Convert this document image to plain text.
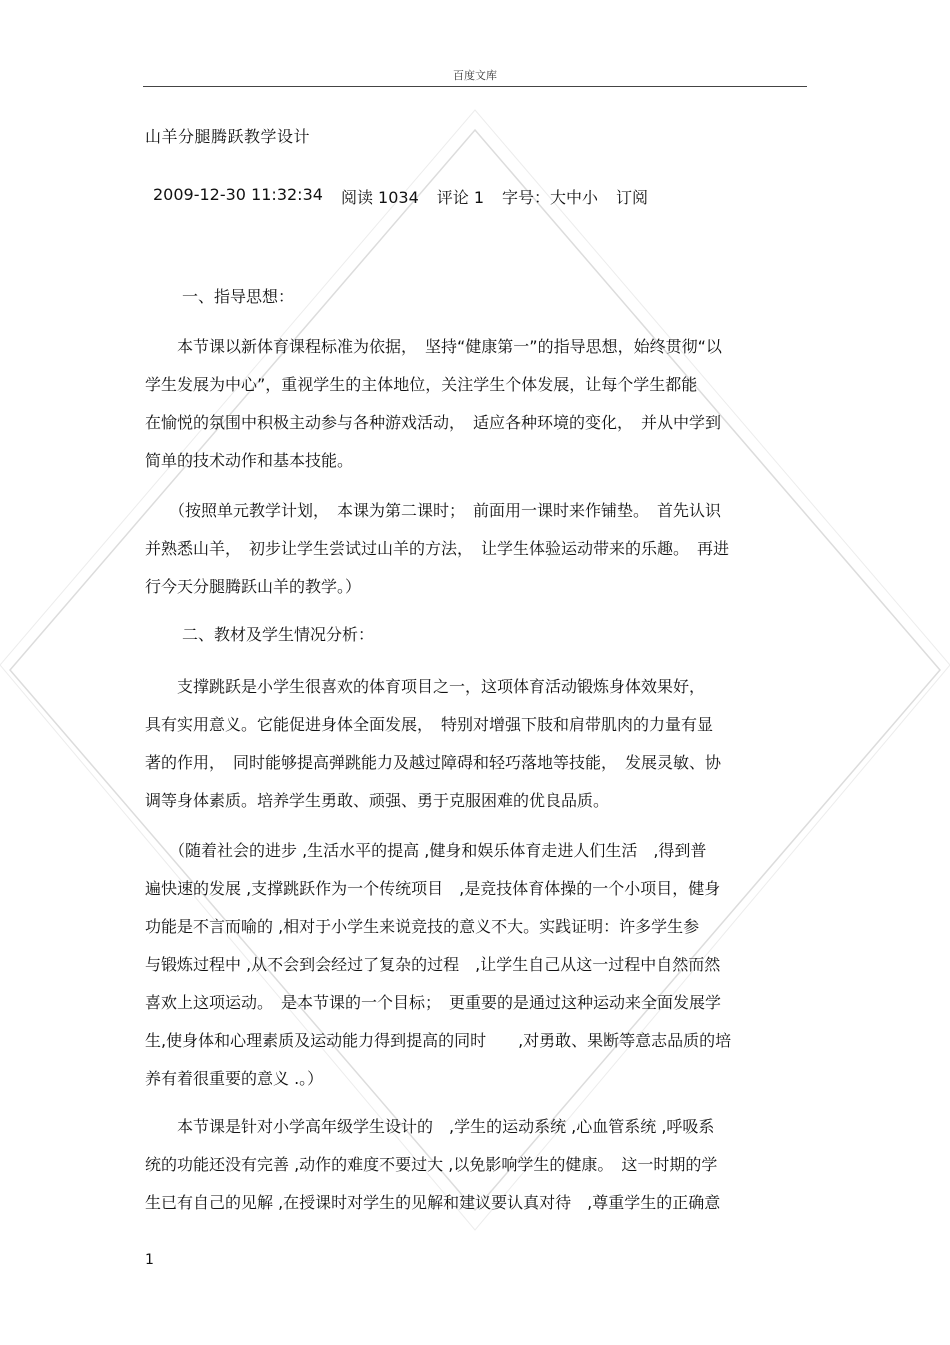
百度文库
山羊分腿腾跃教学设计
2009-12-30 11:32:34 阅读 1034 评论 1 字号：大中小 订阅
一、指导思想：
　　本节课以新体育课程标准为依据，　坚持“健康第一”的指导思想，始终贯彻“以
学生发展为中心”，重视学生的主体地位，关注学生个体发展，让每个学生都能
在愉悦的氛围中积极主动参与各种游戏活动，　适应各种环境的变化，　并从中学到
简单的技术动作和基本技能。
　　（按照单元教学计划，　本课为第二课时；　前面用一课时来作铺垫。　首先认识
并熟悉山羊，　初步让学生尝试过山羊的方法，　让学生体验运动带来的乐趣。　再进
行今天分腿腾跃山羊的教学。）
二、教材及学生情况分析：
　　支撑跳跃是小学生很喜欢的体育项目之一，这项体育活动锻炼身体效果好，
具有实用意义。它能促进身体全面发展，　特别对增强下肢和肩带肌肉的力量有显
著的作用，　同时能够提高弹跳能力及越过障碍和轻巧落地等技能，　发展灵敏、协
调等身体素质。培养学生勇敢、顽强、勇于克服困难的优良品质。
　　（随着社会的进步 ,生活水平的提高 ,健身和娱乐体育走进人们生活　,得到普
遍快速的发展 ,支撑跳跃作为一个传统项目　,是竞技体育体操的一个小项目，健身
功能是不言而喻的 ,相对于小学生来说竞技的意义不大。实践证明：许多学生参
与锻炼过程中 ,从不会到会经过了复杂的过程　,让学生自己从这一过程中自然而然
喜欢上这项运动。　是本节课的一个目标；　更重要的是通过这种运动来全面发展学
生,使身体和心理素质及运动能力得到提高的同时　　,对勇敢、果断等意志品质的培
养有着很重要的意义 .。）
　　本节课是针对小学高年级学生设计的　,学生的运动系统 ,心血管系统 ,呼吸系
统的功能还没有完善 ,动作的难度不要过大 ,以免影响学生的健康。　这一时期的学
生已有自己的见解 ,在授课时对学生的见解和建议要认真对待　,尊重学生的正确意
1
